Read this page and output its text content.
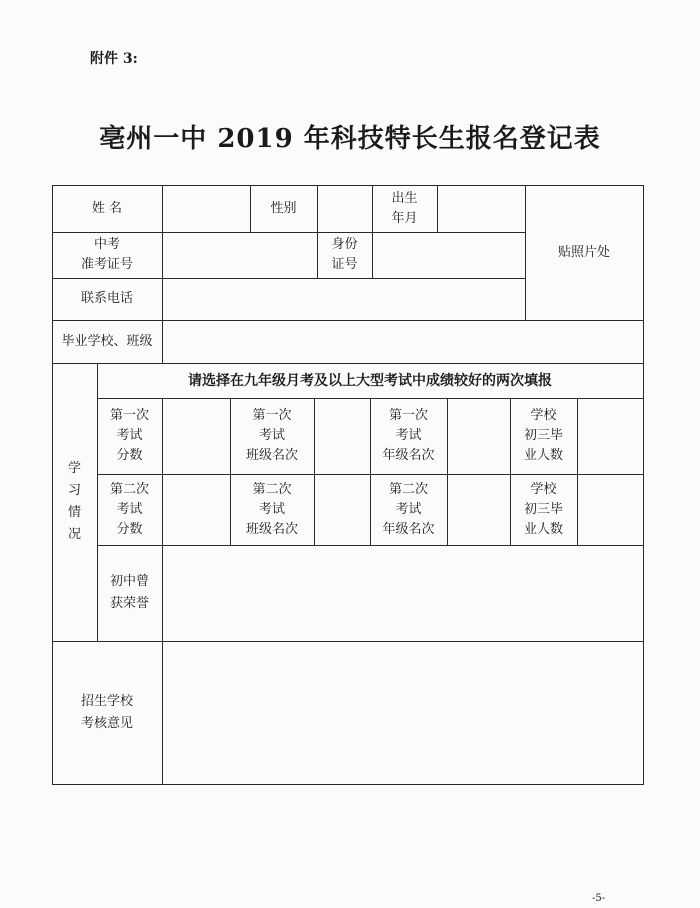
附件 3:
亳州一中 2019 年科技特长生报名登记表
姓 名	性别
出生
年月
贴照片处
中考
准考证号
身份
证号
联系电话
毕业学校、班级
学
习
情
况
请选择在九年级月考及以上大型考试中成绩较好的两次填报
第一次
考试
分数
第一次
考试
班级名次
第一次
考试
年级名次
学校
初三毕
业人数
第二次
考试
分数
第二次
考试
班级名次
第二次
考试
年级名次
学校
初三毕
业人数
初中曾
获荣誉
招生学校
考核意见
-5-
